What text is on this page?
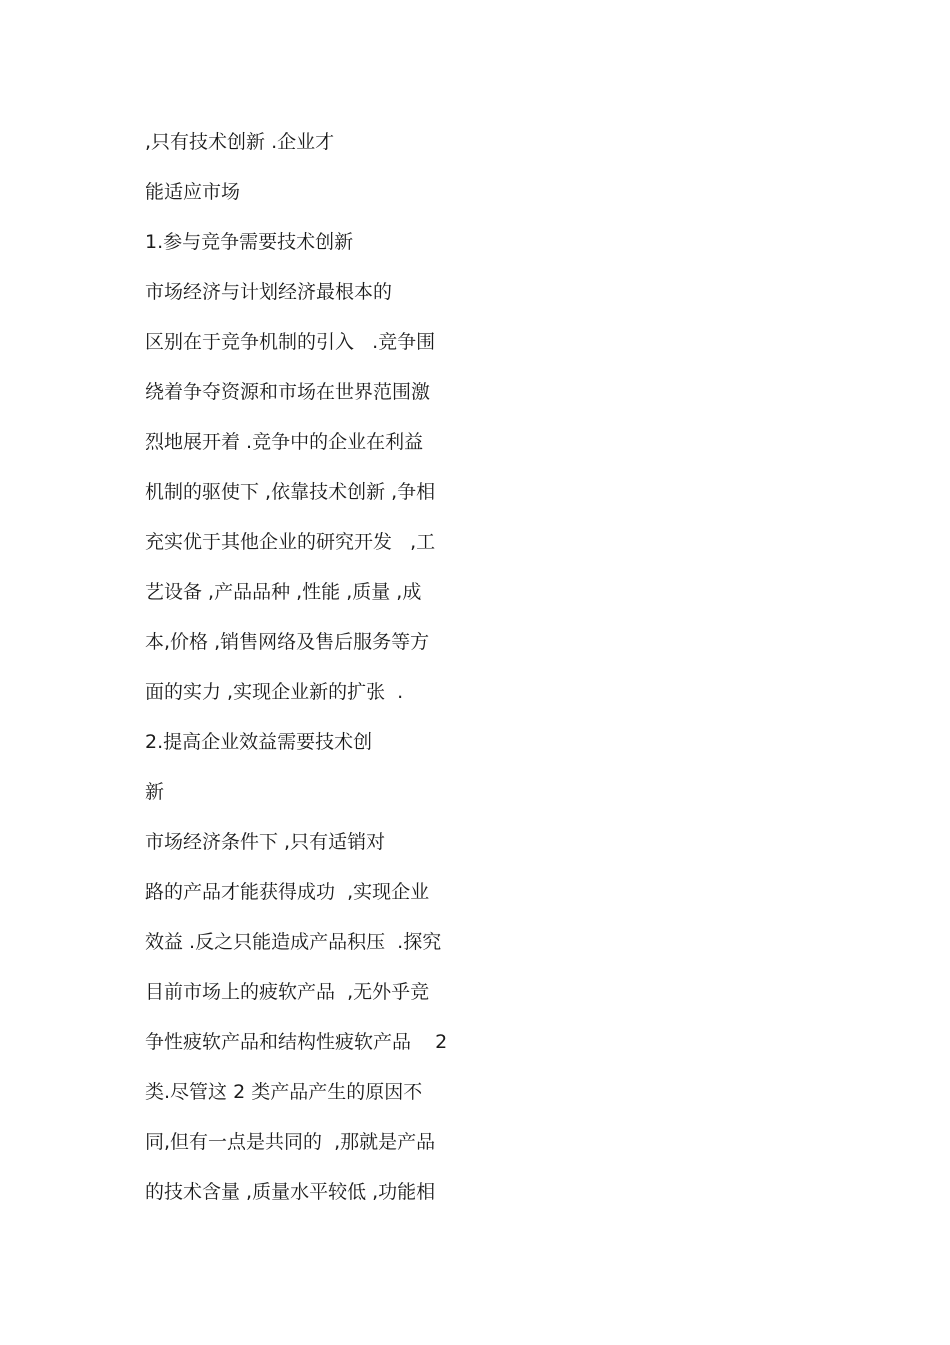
,只有技术创新 .企业才

能适应市场

1.参与竞争需要技术创新

市场经济与计划经济最根本的

区别在于竞争机制的引入   .竞争围

绕着争夺资源和市场在世界范围激

烈地展开着 .竞争中的企业在利益

机制的驱使下 ,依靠技术创新 ,争相

充实优于其他企业的研究开发   ,工

艺设备 ,产品品种 ,性能 ,质量 ,成

本,价格 ,销售网络及售后服务等方

面的实力 ,实现企业新的扩张  .

2.提高企业效益需要技术创

新

市场经济条件下 ,只有适销对

路的产品才能获得成功  ,实现企业

效益 .反之只能造成产品积压  .探究

目前市场上的疲软产品  ,无外乎竞

争性疲软产品和结构性疲软产品    2

类.尽管这 2 类产品产生的原因不

同,但有一点是共同的  ,那就是产品

的技术含量 ,质量水平较低 ,功能相
